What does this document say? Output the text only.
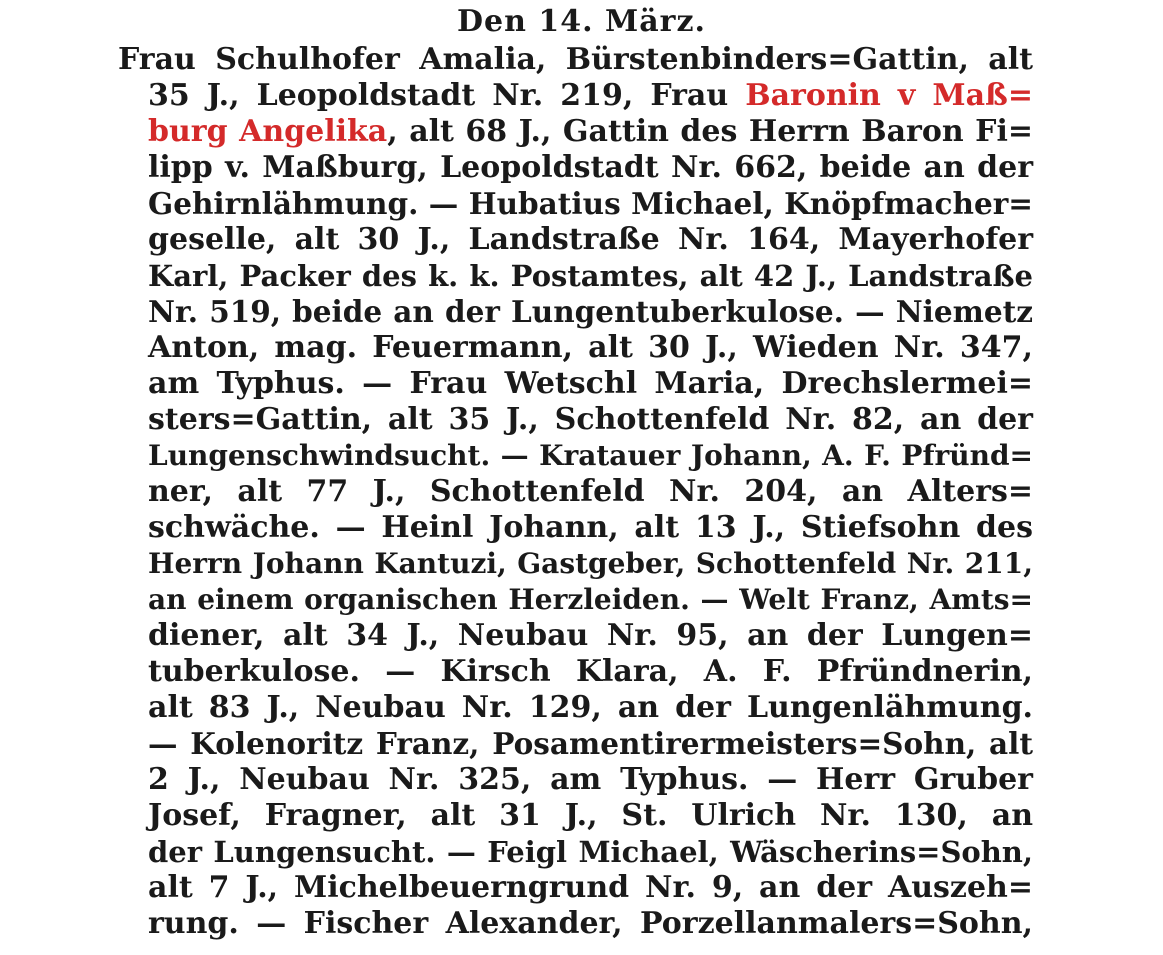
Den 14. März.
Frau Schulhofer Amalia, Bürstenbinders=Gattin, alt
35 J., Leopoldstadt Nr. 219, Frau Baronin v Maß=
burg Angelika, alt 68 J., Gattin des Herrn Baron Fi=
lipp v. Maßburg, Leopoldstadt Nr. 662, beide an der
Gehirnlähmung. — Hubatius Michael, Knöpfmacher=
geselle, alt 30 J., Landstraße Nr. 164, Mayerhofer
Karl, Packer des k. k. Postamtes, alt 42 J., Landstraße
Nr. 519, beide an der Lungentuberkulose. — Niemetz
Anton, mag. Feuermann, alt 30 J., Wieden Nr. 347,
am Typhus. — Frau Wetschl Maria, Drechslermei=
sters=Gattin, alt 35 J., Schottenfeld Nr. 82, an der
Lungenschwindsucht. — Kratauer Johann, A. F. Pfründ=
ner, alt 77 J., Schottenfeld Nr. 204, an Alters=
schwäche. — Heinl Johann, alt 13 J., Stiefsohn des
Herrn Johann Kantuzi, Gastgeber, Schottenfeld Nr. 211,
an einem organischen Herzleiden. — Welt Franz, Amts=
diener, alt 34 J., Neubau Nr. 95, an der Lungen=
tuberkulose. — Kirsch Klara, A. F. Pfründnerin,
alt 83 J., Neubau Nr. 129, an der Lungenlähmung.
— Kolenoritz Franz, Posamentirermeisters=Sohn, alt
2 J., Neubau Nr. 325, am Typhus. — Herr Gruber
Josef, Fragner, alt 31 J., St. Ulrich Nr. 130, an
der Lungensucht. — Feigl Michael, Wäscherins=Sohn,
alt 7 J., Michelbeuerngrund Nr. 9, an der Auszeh=
rung. — Fischer Alexander, Porzellanmalers=Sohn,
